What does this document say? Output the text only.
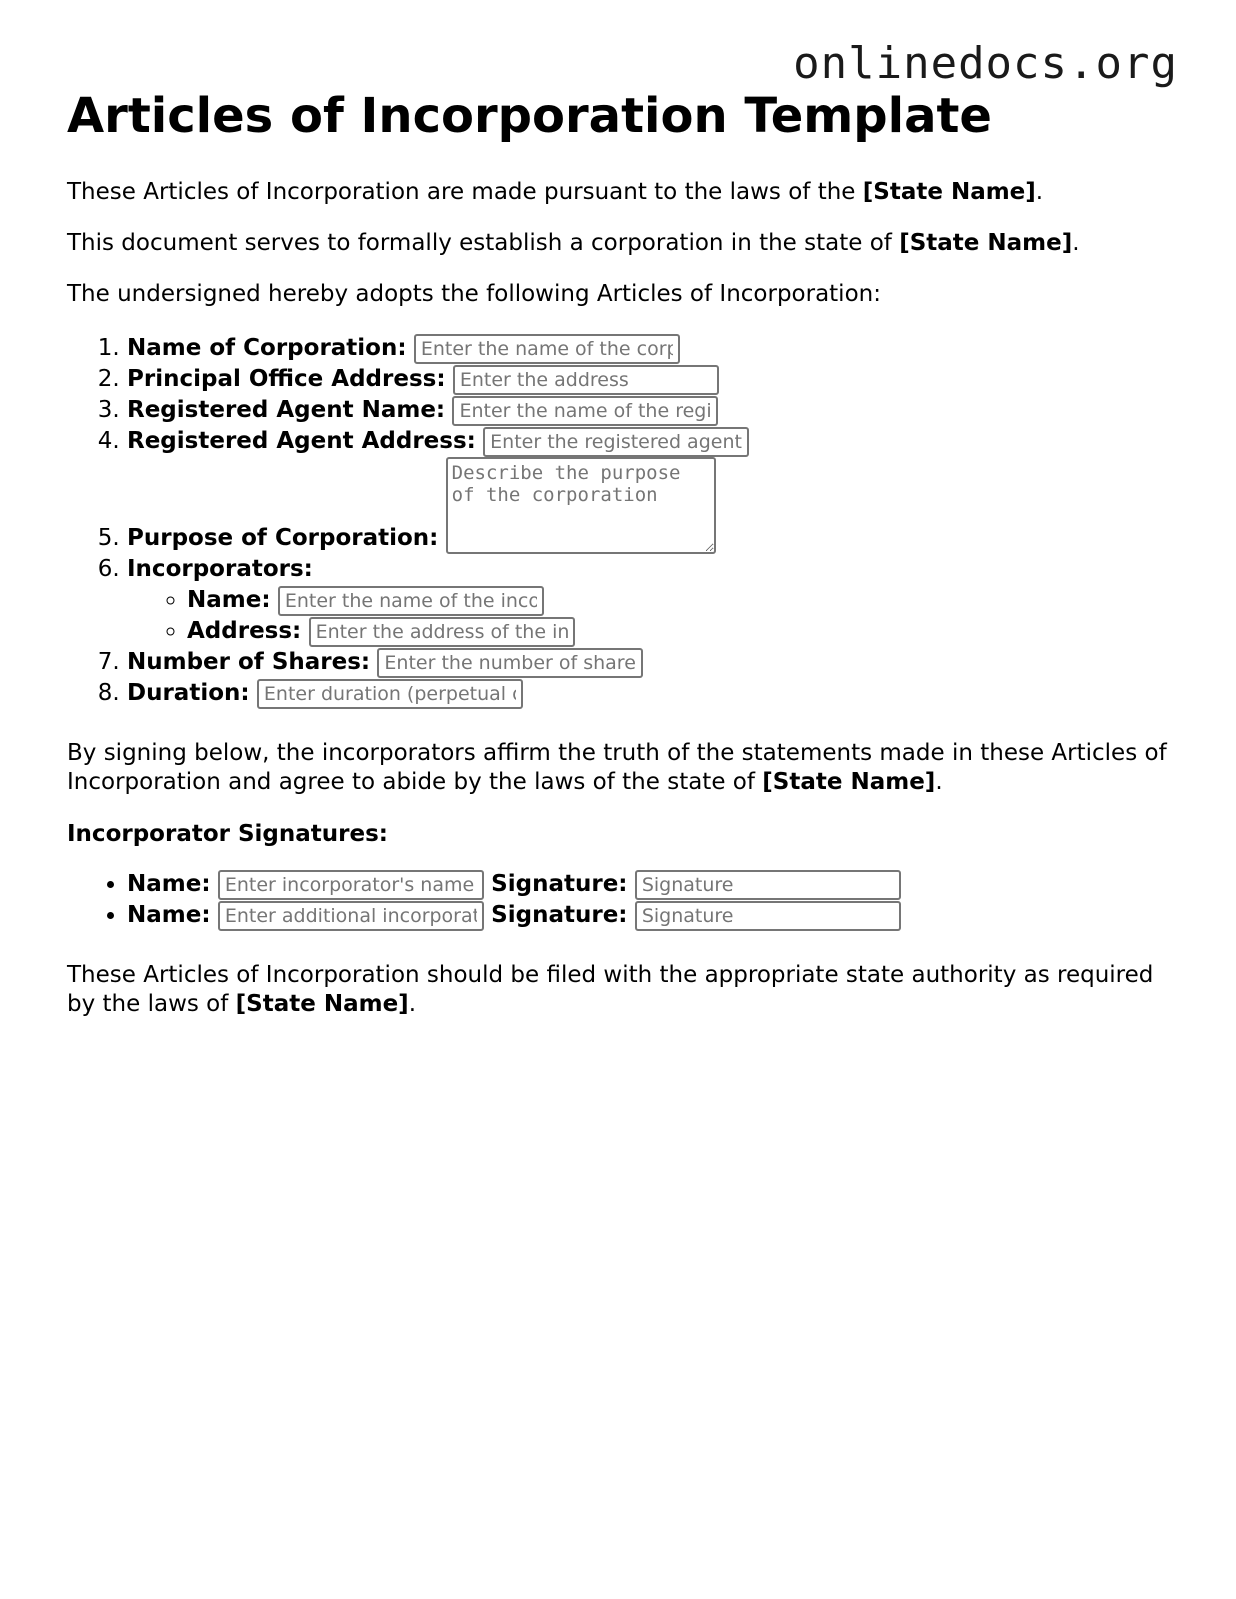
onlinedocs.org
Articles of Incorporation Template

These Articles of Incorporation are made pursuant to the laws of the [State Name].

This document serves to formally establish a corporation in the state of [State Name].

The undersigned hereby adopts the following Articles of Incorporation:

1. Name of Corporation: Enter the name of the corporation
2. Principal Office Address: Enter the address
3. Registered Agent Name: Enter the name of the registered agent
4. Registered Agent Address: Enter the registered agent's address
5. Purpose of Corporation: Describe the purpose of the corporation
6. Incorporators:
◦ Name: Enter the name of the incorporator
◦ Address: Enter the address of the incorporator
7. Number of Shares: Enter the number of shares
8. Duration: Enter duration (perpetual or specific date)

By signing below, the incorporators affirm the truth of the statements made in these Articles of Incorporation and agree to abide by the laws of the state of [State Name].

Incorporator Signatures:
• Name: Enter incorporator's name	Signature: Signature
• Name: Enter additional incorporator's name	Signature: Signature

These Articles of Incorporation should be filed with the appropriate state authority as required by the laws of [State Name].
